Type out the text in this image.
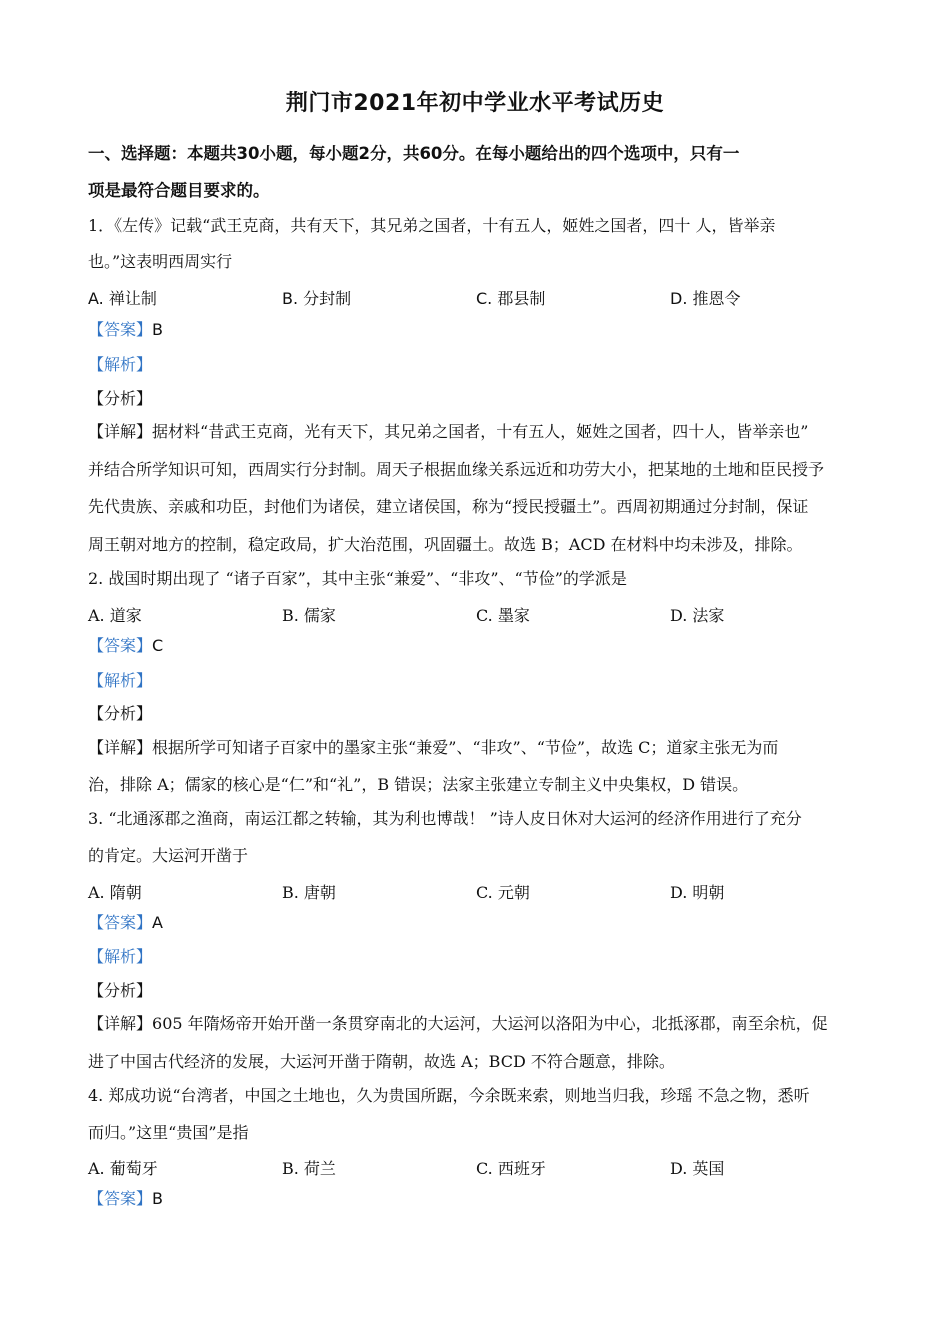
荆门市2021年初中学业水平考试历史
一、选择题：本题共30小题，每小题2分，共60分。在每小题给出的四个选项中，只有一
项是最符合题目要求的。
1．《左传》记载“武王克商，共有天下，其兄弟之国者，十有五人，姬姓之国者，四十 人，皆举亲
也。”这表明西周实行
A. 禅让制	B. 分封制	C. 郡县制	D. 推恩令
【答案】B
【解析】
【分析】
【详解】据材料“昔武王克商，光有天下，其兄弟之国者，十有五人，姬姓之国者，四十人，皆举亲也”
并结合所学知识可知，西周实行分封制。周天子根据血缘关系远近和功劳大小，把某地的土地和臣民授予
先代贵族、亲戚和功臣，封他们为诸侯，建立诸侯国，称为“授民授疆土”。西周初期通过分封制，保证
周王朝对地方的控制，稳定政局，扩大治范围，巩固疆土。故选 B；ACD 在材料中均未涉及，排除。
2. 战国时期出现了 “诸子百家”，其中主张“兼爱”、“非攻”、“节俭”的学派是
A. 道家	B. 儒家	C. 墨家	D. 法家
【答案】C
【解析】
【分析】
【详解】根据所学可知诸子百家中的墨家主张“兼爱”、“非攻”、“节俭”，故选 C；道家主张无为而
治，排除 A；儒家的核心是“仁”和“礼”，B 错误；法家主张建立专制主义中央集权，D 错误。
3. “北通涿郡之渔商，南运江都之转输，其为利也博哉！ ”诗人皮日休对大运河的经济作用进行了充分
的肯定。大运河开凿于
A. 隋朝	B. 唐朝	C. 元朝	D. 明朝
【答案】A
【解析】
【分析】
【详解】605 年隋炀帝开始开凿一条贯穿南北的大运河，大运河以洛阳为中心，北抵涿郡，南至余杭，促
进了中国古代经济的发展，大运河开凿于隋朝，故选 A；BCD 不符合题意，排除。
4. 郑成功说“台湾者，中国之土地也，久为贵国所踞，今余既来索，则地当归我，珍瑶 不急之物，悉听
而归。”这里“贵国”是指
A. 葡萄牙	B. 荷兰	C. 西班牙	D. 英国
【答案】B
